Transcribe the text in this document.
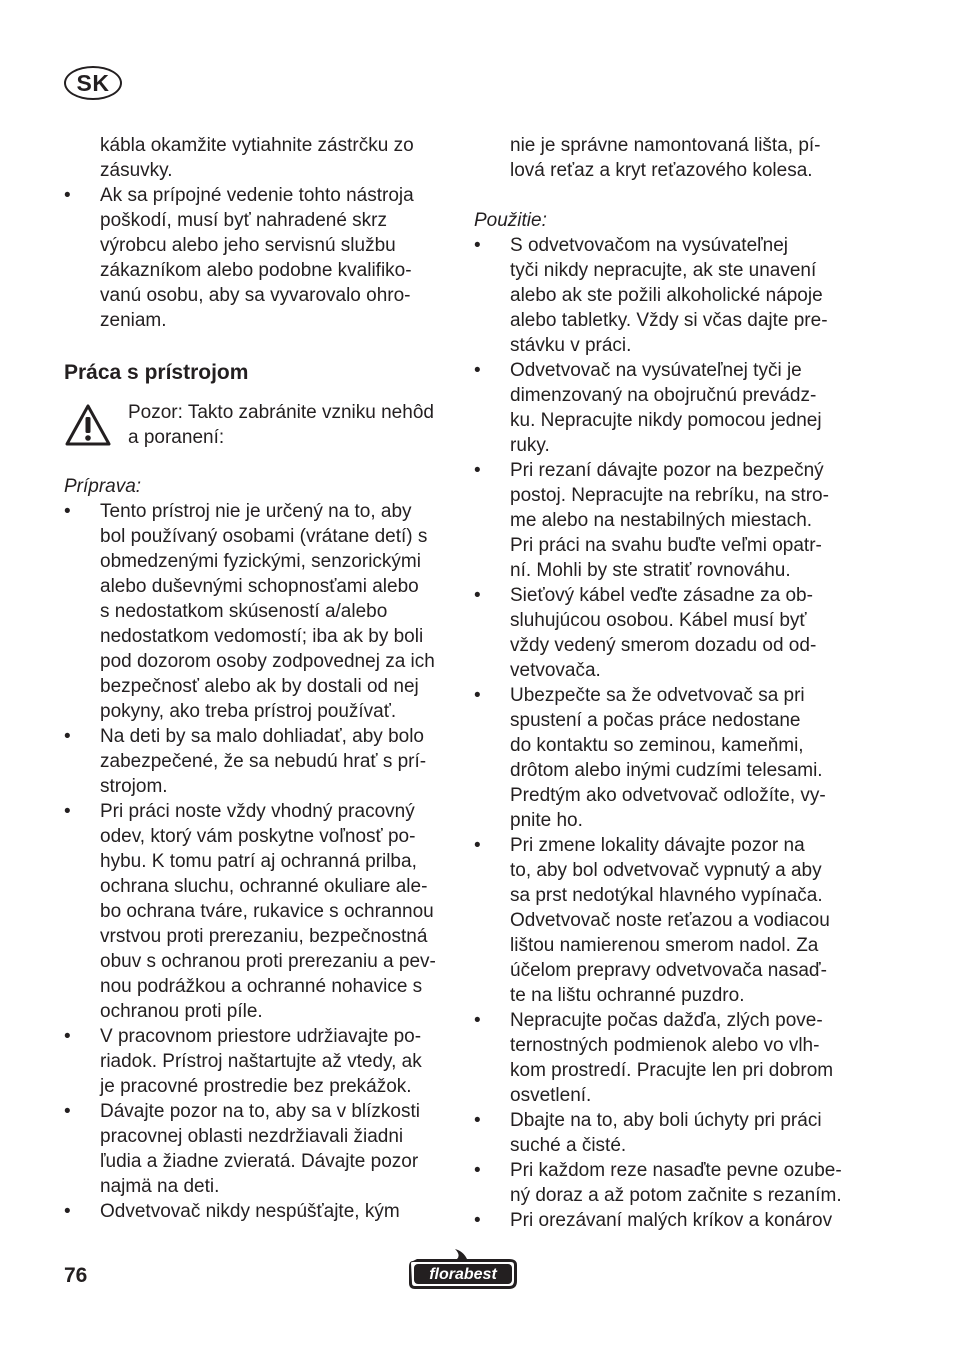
SK

kábla okamžite vytiahnite zástrčku zo
zásuvky.

•	Ak sa prípojné vedenie tohto nástroja
poškodí, musí byť nahradené skrz
výrobcu alebo jeho servisnú službu
zákazníkom alebo podobne kvalifiko-
vanú osobu, aby sa vyvarovalo ohro-
zeniam.

Práca s prístrojom

Pozor: Takto zabránite vzniku nehôd
a poranení:

Príprava:

•	Tento prístroj nie je určený na to, aby
bol používaný osobami (vrátane detí) s
obmedzenými fyzickými, senzorickými
alebo duševnými schopnosťami alebo
s nedostatkom skúseností a/alebo
nedostatkom vedomostí; iba ak by boli
pod dozorom osoby zodpovednej za ich
bezpečnosť alebo ak by dostali od nej
pokyny, ako treba prístroj používať.

•	Na deti by sa malo dohliadať, aby bolo
zabezpečené, že sa nebudú hrať s prí-
strojom.

•	Pri práci noste vždy vhodný pracovný
odev, ktorý vám poskytne voľnosť po-
hybu. K tomu patrí aj ochranná prilba,
ochrana sluchu, ochranné okuliare ale-
bo ochrana tváre, rukavice s ochrannou
vrstvou proti prerezaniu, bezpečnostná
obuv s ochranou proti prerezaniu a pev-
nou podrážkou a ochranné nohavice s
ochranou proti píle.

•	V pracovnom priestore udržiavajte po-
riadok. Prístroj naštartujte až vtedy, ak
je pracovné prostredie bez prekážok.

•	Dávajte pozor na to, aby sa v blízkosti
pracovnej oblasti nezdržiavali žiadni
ľudia a žiadne zvieratá. Dávajte pozor
najmä na deti.

•	Odvetvovač nikdy nespúšťajte, kým

nie je správne namontovaná lišta, pí-
lová reťaz a kryt reťazového kolesa.

Použitie:

•	S odvetvovačom na vysúvateľnej
tyči nikdy nepracujte, ak ste unavení
alebo ak ste požili alkoholické nápoje
alebo tabletky. Vždy si včas dajte pre-
stávku v práci.

•	Odvetvovač na vysúvateľnej tyči je
dimenzovaný na obojručnú prevádz-
ku. Nepracujte nikdy pomocou jednej
ruky.

•	Pri rezaní dávajte pozor na bezpečný
postoj. Nepracujte na rebríku, na stro-
me alebo na nestabilných miestach.
Pri práci na svahu buďte veľmi opatr-
ní. Mohli by ste stratiť rovnováhu.

•	Sieťový kábel veďte zásadne za ob-
sluhujúcou osobou. Kábel musí byť
vždy vedený smerom dozadu od od-
vetvovača.

•	Ubezpečte sa že odvetvovač sa pri
spustení a počas práce nedostane
do kontaktu so zeminou, kameňmi,
drôtom alebo inými cudzími telesami.
Predtým ako odvetvovač odložíte, vy-
pnite ho.

•	Pri zmene lokality dávajte pozor na
to, aby bol odvetvovač vypnutý a aby
sa prst nedotýkal hlavného vypínača.
Odvetvovač noste reťazou a vodiacou
lištou namierenou smerom nadol. Za
účelom prepravy odvetvovača nasaď-
te na lištu ochranné puzdro.

•	Nepracujte počas dažďa, zlých pove-
ternostných podmienok alebo vo vlh-
kom prostredí. Pracujte len pri dobrom
osvetlení.

•	Dbajte na to, aby boli úchyty pri práci
suché a čisté.

•	Pri každom reze nasaďte pevne ozube-
ný doraz a až potom začnite s rezaním.

•	Pri orezávaní malých kríkov a konárov

76	florabest
